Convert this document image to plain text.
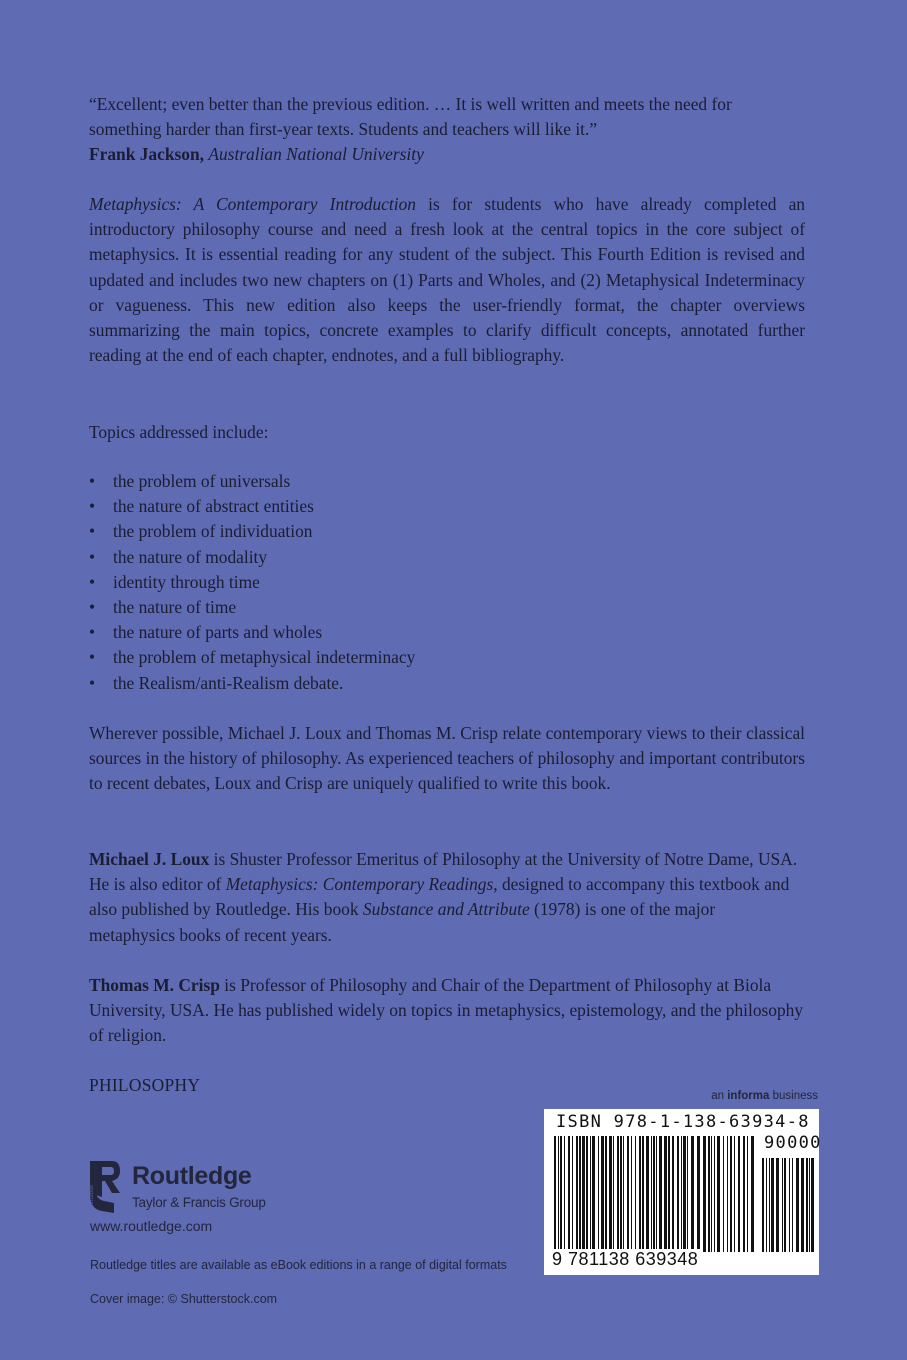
“Excellent; even better than the previous edition. … It is well written and meets the need for something harder than first-year texts. Students and teachers will like it.”

Frank Jackson, Australian National University

Metaphysics: A Contemporary Introduction is for students who have already completed an introductory philosophy course and need a fresh look at the central topics in the core subject of metaphysics. It is essential reading for any student of the subject. This Fourth Edition is revised and updated and includes two new chapters on (1) Parts and Wholes, and (2) Metaphysical Indeterminacy or vagueness. This new edition also keeps the user-friendly format, the chapter overviews summarizing the main topics, concrete examples to clarify difficult concepts, annotated further reading at the end of each chapter, endnotes, and a full bibliography.

Topics addressed include:
• the problem of universals
• the nature of abstract entities
• the problem of individuation
• the nature of modality
• identity through time
• the nature of time
• the nature of parts and wholes
• the problem of metaphysical indeterminacy
• the Realism/anti-Realism debate.
Wherever possible, Michael J. Loux and Thomas M. Crisp relate contemporary views to their classical sources in the history of philosophy. As experienced teachers of philosophy and important contributors to recent debates, Loux and Crisp are uniquely qualified to write this book.

Michael J. Loux is Shuster Professor Emeritus of Philosophy at the University of Notre Dame, USA. He is also editor of Metaphysics: Contemporary Readings, designed to accompany this textbook and also published by Routledge. His book Substance and Attribute (1978) is one of the major metaphysics books of recent years.

Thomas M. Crisp is Professor of Philosophy and Chair of the Department of Philosophy at Biola University, USA. He has published widely on topics in metaphysics, epistemology, and the philosophy of religion.

PHILOSOPHY
ROUTLEDGE
Routledge
Taylor & Francis Group
www.routledge.com
Routledge titles are available as eBook editions in a range of digital formats
Cover image: © Shutterstock.com
an informa business
ISBN 978-1-138-63934-8
90000
9 781138 639348
